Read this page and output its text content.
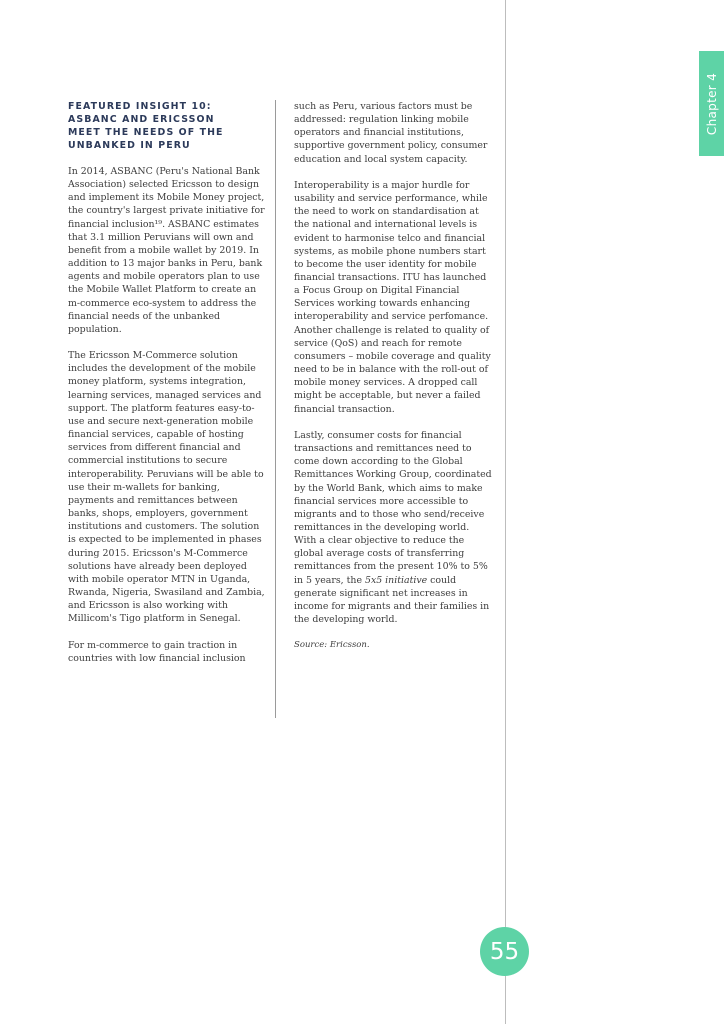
Chapter 4
FEATURED INSIGHT 10:
ASBANC AND ERICSSON
MEET THE NEEDS OF THE
UNBANKED IN PERU

In 2014, ASBANC (Peru's National Bank Association) selected Ericsson to design and implement its Mobile Money project, the country's largest private initiative for financial inclusion¹⁹. ASBANC estimates that 3.1 million Peruvians will own and benefit from a mobile wallet by 2019. In addition to 13 major banks in Peru, bank agents and mobile operators plan to use the Mobile Wallet Platform to create an m-commerce eco-system to address the financial needs of the unbanked population.

The Ericsson M-Commerce solution includes the development of the mobile money platform, systems integration, learning services, managed services and support. The platform features easy-to-use and secure next-generation mobile financial services, capable of hosting services from different financial and commercial institutions to secure interoperability. Peruvians will be able to use their m-wallets for banking, payments and remittances between banks, shops, employers, government institutions and customers. The solution is expected to be implemented in phases during 2015. Ericsson's M-Commerce solutions have already been deployed with mobile operator MTN in Uganda, Rwanda, Nigeria, Swasiland and Zambia, and Ericsson is also working with Millicom's Tigo platform in Senegal.

For m-commerce to gain traction in countries with low financial inclusion

such as Peru, various factors must be addressed: regulation linking mobile operators and financial institutions, supportive government policy, consumer education and local system capacity.

Interoperability is a major hurdle for usability and service performance, while the need to work on standardisation at the national and international levels is evident to harmonise telco and financial systems, as mobile phone numbers start to become the user identity for mobile financial transactions. ITU has launched a Focus Group on Digital Financial Services working towards enhancing interoperability and service perfomance. Another challenge is related to quality of service (QoS) and reach for remote consumers – mobile coverage and quality need to be in balance with the roll-out of mobile money services. A dropped call might be acceptable, but never a failed financial transaction.

Lastly, consumer costs for financial transactions and remittances need to come down according to the Global Remittances Working Group, coordinated by the World Bank, which aims to make financial services more accessible to migrants and to those who send/receive remittances in the developing world. With a clear objective to reduce the global average costs of transferring remittances from the present 10% to 5% in 5 years, the 5x5 initiative could generate significant net increases in income for migrants and their families in the developing world.

Source: Ericsson.

55
